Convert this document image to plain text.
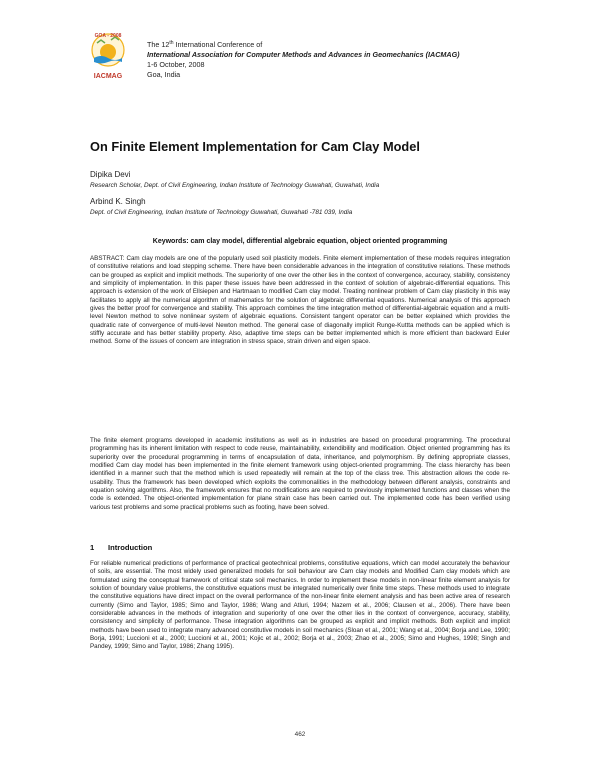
GOA - 2008
IACMAG
The 12th International Conference of
International Association for Computer Methods and Advances in Geomechanics (IACMAG)
1-6 October, 2008
Goa, India
On Finite Element Implementation for Cam Clay Model
Dipika Devi
Research Scholar, Dept. of Civil Engineering, Indian Institute of Technology Guwahati, Guwahati, India
Arbind K. Singh
Dept. of Civil Engineering, Indian Institute of Technology Guwahati, Guwahati -781 039, India
Keywords: cam clay model, differential algebraic equation, object oriented programming

ABSTRACT: Cam clay models are one of the popularly used soil plasticity models. Finite element implementation of these models requires integration of constitutive relations and load stepping scheme. There have been considerable advances in the integration of constitutive relations. These methods can be grouped as explicit and implicit methods. The superiority of one over the other lies in the context of convergence, accuracy, stability, consistency and simplicity of implementation. In this paper these issues have been addressed in the context of solution of algebraic-differential equations. This approach is extension of the work of Ellsiepen and Hartmaan to modified Cam clay model. Treating nonlinear problem of Cam clay plasticity in this way facilitates to apply all the numerical algorithm of mathematics for the solution of algebraic differential equations. Numerical analysis of this approach gives the better proof for convergence and stability. This approach combines the time integration method of differential-algebraic equation and a multi-level Newton method to solve nonlinear system of algebraic equations. Consistent tangent operator can be better explained which provides the quadratic rate of convergence of multi-level Newton method. The general case of diagonally implicit Runge-Kuttta methods can be applied which is stiffly accurate and has better stability property. Also, adaptive time steps can be better implemented which is more efficient than backward Euler method. Some of the issues of concern are integration in stress space, strain driven and eigen space.

The finite element programs developed in academic institutions as well as in industries are based on procedural programming. The procedural programming has its inherent limitation with respect to code reuse, maintainability, extendibility and modification. Object oriented programming has its superiority over the procedural programming in terms of encapsulation of data, inheritance, and polymorphism. By defining appropriate classes, modified Cam clay model has been implemented in the finite element framework using object-oriented programming. The class hierarchy has been identified in a manner such that the method which is used repeatedly will remain at the top of the class tree. This abstraction allows the code re-usability. Thus the framework has been developed which exploits the commonalities in the methodology between different analysis, constraints and equation solving algorithms. Also, the framework ensures that no modifications are required to previously implemented functions and classes when the code is extended. The object-oriented implementation for plane strain case has been carried out. The implemented code has been verified using various test problems and some practical problems such as footing, have been solved.

1 Introduction

For reliable numerical predictions of performance of practical geotechnical problems, constitutive equations, which can model accurately the behaviour of soils, are essential. The most widely used generalized models for soil behaviour are Cam clay models and Modified Cam clay models which are formulated using the conceptual framework of critical state soil mechanics. In order to implement these models in non-linear finite element analysis for solution of boundary value problems, the constitutive equations must be integrated numerically over finite time steps. These methods used to integrate the constitutive equations have direct impact on the overall performance of the non-linear finite element analysis and has been active area of research currently (Simo and Taylor, 1985; Simo and Taylor, 1986; Wang and Atluri, 1994; Nazem et al., 2006; Clausen et al., 2006). There have been considerable advances in the methods of integration and superiority of one over the other lies in the context of convergence, accuracy, stability, consistency and simplicity of performance. These integration algorithms can be grouped as explicit and implicit methods. Both explicit and implicit methods have been used to integrate many advanced constitutive models in soil mechanics (Sloan et al., 2001; Wang et al., 2004; Borja and Lee, 1990; Borja, 1991; Luccioni et al., 2000; Luccioni et al., 2001; Kojic et al., 2002; Borja et al., 2003; Zhao et al., 2005; Simo and Hughes, 1998; Singh and Pandey, 1999; Simo and Taylor, 1986; Zhang 1995).

462
